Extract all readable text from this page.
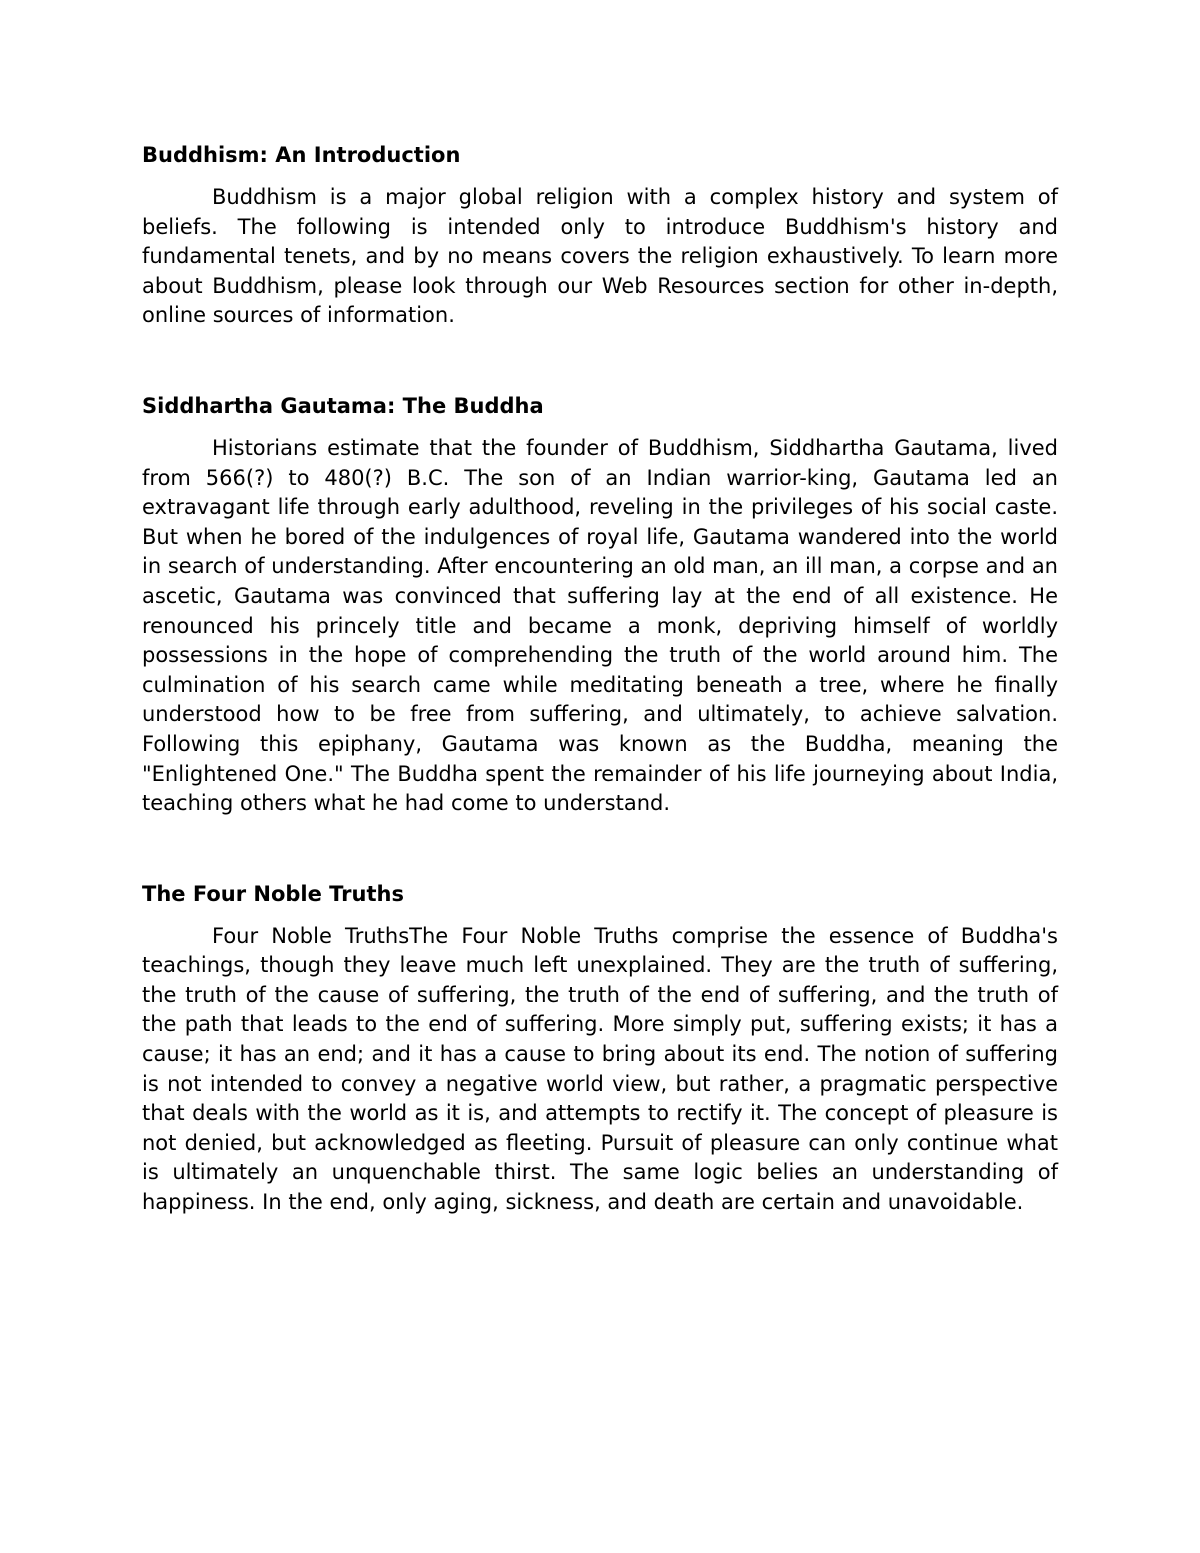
Buddhism: An Introduction

Buddhism is a major global religion with a complex history and system of beliefs. The following is intended only to introduce Buddhism's history and fundamental tenets, and by no means covers the religion exhaustively. To learn more about Buddhism, please look through our Web Resources section for other in-depth, online sources of information.

Siddhartha Gautama: The Buddha

Historians estimate that the founder of Buddhism, Siddhartha Gautama, lived from 566(?) to 480(?) B.C. The son of an Indian warrior-king, Gautama led an extravagant life through early adulthood, reveling in the privileges of his social caste. But when he bored of the indulgences of royal life, Gautama wandered into the world in search of understanding. After encountering an old man, an ill man, a corpse and an ascetic, Gautama was convinced that suffering lay at the end of all existence. He renounced his princely title and became a monk, depriving himself of worldly possessions in the hope of comprehending the truth of the world around him. The culmination of his search came while meditating beneath a tree, where he finally understood how to be free from suffering, and ultimately, to achieve salvation. Following this epiphany, Gautama was known as the Buddha, meaning the "Enlightened One." The Buddha spent the remainder of his life journeying about India, teaching others what he had come to understand.

The Four Noble Truths

Four Noble TruthsThe Four Noble Truths comprise the essence of Buddha's teachings, though they leave much left unexplained. They are the truth of suffering, the truth of the cause of suffering, the truth of the end of suffering, and the truth of the path that leads to the end of suffering. More simply put, suffering exists; it has a cause; it has an end; and it has a cause to bring about its end. The notion of suffering is not intended to convey a negative world view, but rather, a pragmatic perspective that deals with the world as it is, and attempts to rectify it. The concept of pleasure is not denied, but acknowledged as fleeting. Pursuit of pleasure can only continue what is ultimately an unquenchable thirst. The same logic belies an understanding of happiness. In the end, only aging, sickness, and death are certain and unavoidable.
